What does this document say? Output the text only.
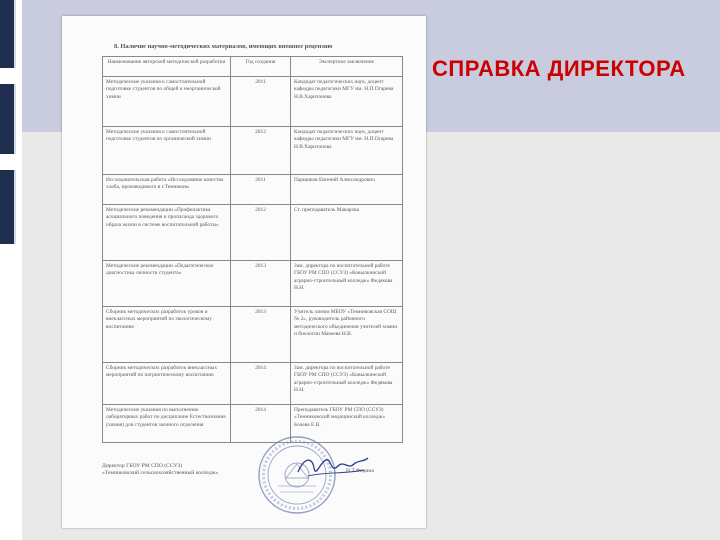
СПРАВКА ДИРЕКТОРА
8. Наличие научно-методических материалов, имеющих внешнее рецензию
Наименование авторской методической разработки	Год создания	Экспертное заключение
Методические указания к самостоятельной подготовке студентов по общей и неорганической химии	2011	Кандидат педагогических наук, доцент кафедры педагогики МГУ им. Н.П.Огарева Н.В.Харитонова
Методические указания к самостоятельной подготовке студентов по органической химии	2012	Кандидат педагогических наук, доцент кафедры педагогики МГУ им. Н.П.Огарева Н.В.Харитонова
Исследовательская работа «Исследование качества хлеба, производимого в г.Темников»	2011	Паршиков Евгений Александрович
Методические рекомендации «Профилактика асоциального поведения и пропаганда здорового образа жизни в системе воспитательной работы»	2012	Ст. преподаватель Макарова
Методические рекомендации «Педагогическое диагностика личности студента»	2013	Зам. директора по воспитательной работе ГБОУ РМ СПО (ССУЗ) «Ковылкинский аграрно-строительный колледж» Федякова Н.Н.
Сборник методических разработок уроков и внеклассных мероприятий по экологическому воспитанию	2013	Учитель химии МБОУ «Темниковская СОШ № 2», руководитель районного методического объединения учителей химии и биологии Макеева Н.В.
Сборник методических разработок внеклассных мероприятий по патриотическому воспитанию	2014	Зам. директора по воспитательной работе ГБОУ РМ СПО (ССУЗ) «Ковылкинский аграрно-строительный колледж» Федякова Н.Н.
Методические указания по выполнению лабораторных работ по дисциплине Естествознание (химия) для студентов заочного отделения	2014	Преподаватель ГБОУ РМ СПО (ССУЗ) «Темниковский медицинский колледж» Бочева Е.В.
Директор ГБОУ РМ СПО (ССУЗ)
«Темниковский сельскохозяйственный колледж»	Н.Т.Федина
